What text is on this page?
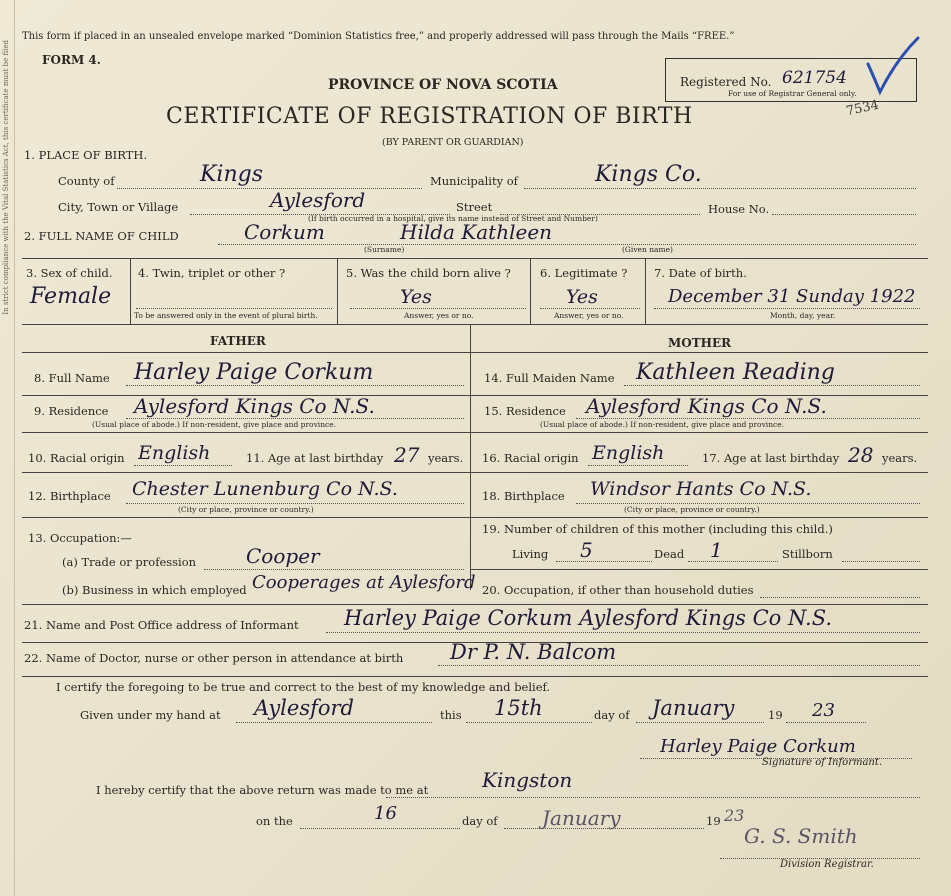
In strict compliance with the Vital Statistics Act, this certificate must be filed
This form if placed in an unsealed envelope marked “Dominion Statistics free,” and properly addressed will pass through the Mails “FREE.”
FORM 4.
PROVINCE OF NOVA SCOTIA
CERTIFICATE OF REGISTRATION OF BIRTH
(BY PARENT OR GUARDIAN)
Registered No. 621754
For use of Registrar General only.
7534
1. PLACE OF BIRTH.
County of	Kings	Municipality of	Kings Co.
City, Town or Village	Aylesford	Street	House No.
(If birth occurred in a hospital, give its name instead of Street and Number)
2. FULL NAME OF CHILD	Corkum	Hilda Kathleen
(Surname)	(Given name)
3. Sex of child.
Female
4. Twin, triplet or other ?
To be answered only in the event of plural birth.
5. Was the child born alive ?
Yes
Answer, yes or no.
6. Legitimate ?
Yes
Answer, yes or no.
7. Date of birth.
December 31 Sunday 1922
Month, day, year.
FATHER	MOTHER
8. Full Name Harley Paige Corkum
9. Residence Aylesford Kings Co N.S.
(Usual place of abode.) If non-resident, give place and province.
10. Racial origin English	11. Age at last birthday 27 years.
12. Birthplace Chester Lunenburg Co N.S.
(City or place, province or country.)
13. Occupation:—
(a) Trade or profession Cooper
(b) Business in which employed Cooperages at Aylesford
14. Full Maiden Name Kathleen Reading
15. Residence Aylesford Kings Co N.S.
(Usual place of abode.) If non-resident, give place and province.
16. Racial origin English	17. Age at last birthday 28 years.
18. Birthplace Windsor Hants Co N.S.
(City or place, province or country.)
19. Number of children of this mother (including this child.)
Living 5	Dead 1	Stillborn
20. Occupation, if other than household duties
21. Name and Post Office address of Informant Harley Paige Corkum Aylesford Kings Co N.S.
22. Name of Doctor, nurse or other person in attendance at birth Dr P. N. Balcom
I certify the foregoing to be true and correct to the best of my knowledge and belief.
Given under my hand at Aylesford	this 15th	day of January	19 23
Harley Paige Corkum
Signature of Informant.
I hereby certify that the above return was made to me at	Kingston
on the	16	day of January	19 23
G. S. Smith
Division Registrar.
